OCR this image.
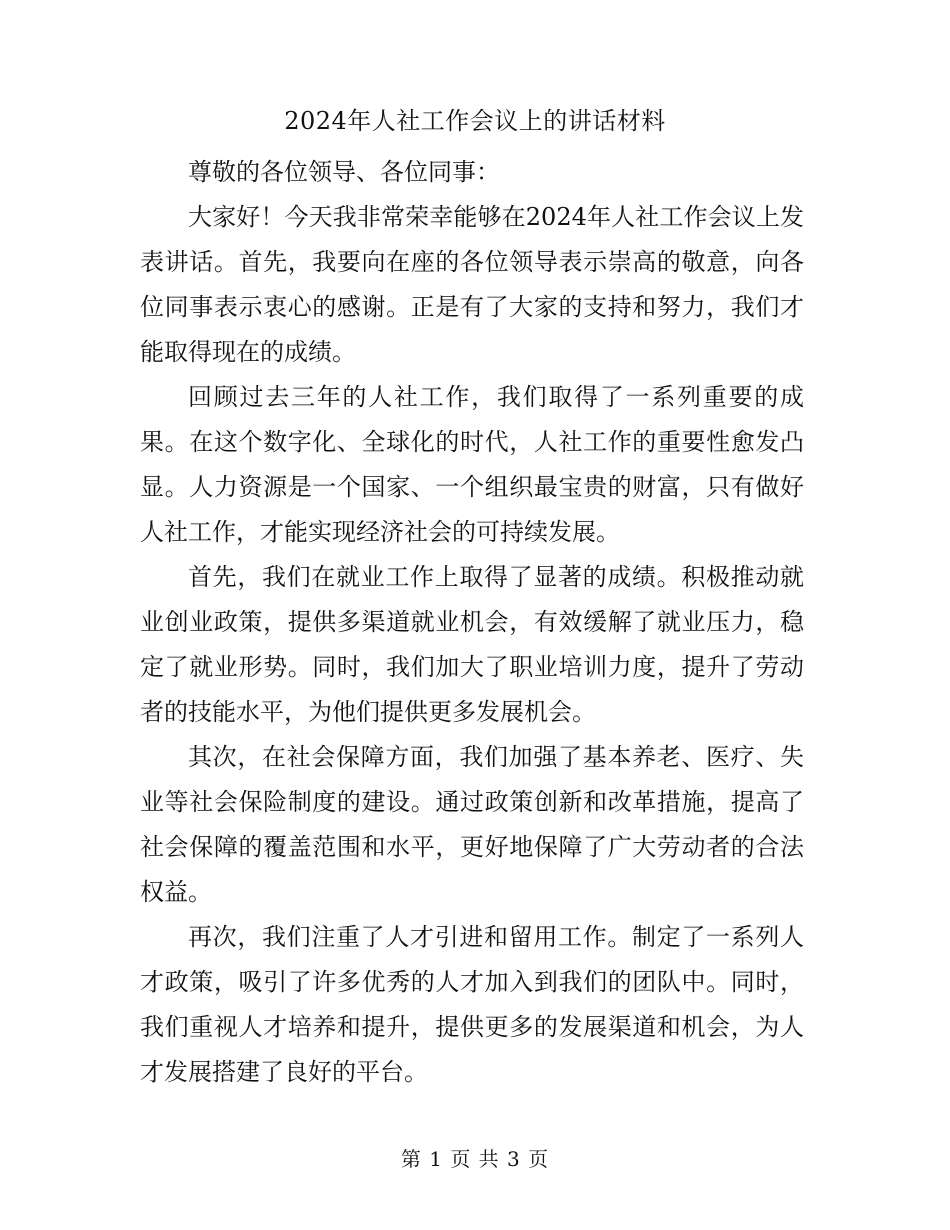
2024年人社工作会议上的讲话材料

尊敬的各位领导、各位同事：

大家好！今天我非常荣幸能够在2024年人社工作会议上发表讲话。首先，我要向在座的各位领导表示崇高的敬意，向各位同事表示衷心的感谢。正是有了大家的支持和努力，我们才能取得现在的成绩。

回顾过去三年的人社工作，我们取得了一系列重要的成果。在这个数字化、全球化的时代，人社工作的重要性愈发凸显。人力资源是一个国家、一个组织最宝贵的财富，只有做好人社工作，才能实现经济社会的可持续发展。

首先，我们在就业工作上取得了显著的成绩。积极推动就业创业政策，提供多渠道就业机会，有效缓解了就业压力，稳定了就业形势。同时，我们加大了职业培训力度，提升了劳动者的技能水平，为他们提供更多发展机会。

其次，在社会保障方面，我们加强了基本养老、医疗、失业等社会保险制度的建设。通过政策创新和改革措施，提高了社会保障的覆盖范围和水平，更好地保障了广大劳动者的合法权益。

再次，我们注重了人才引进和留用工作。制定了一系列人才政策，吸引了许多优秀的人才加入到我们的团队中。同时，我们重视人才培养和提升，提供更多的发展渠道和机会，为人才发展搭建了良好的平台。

第 1 页 共 3 页
